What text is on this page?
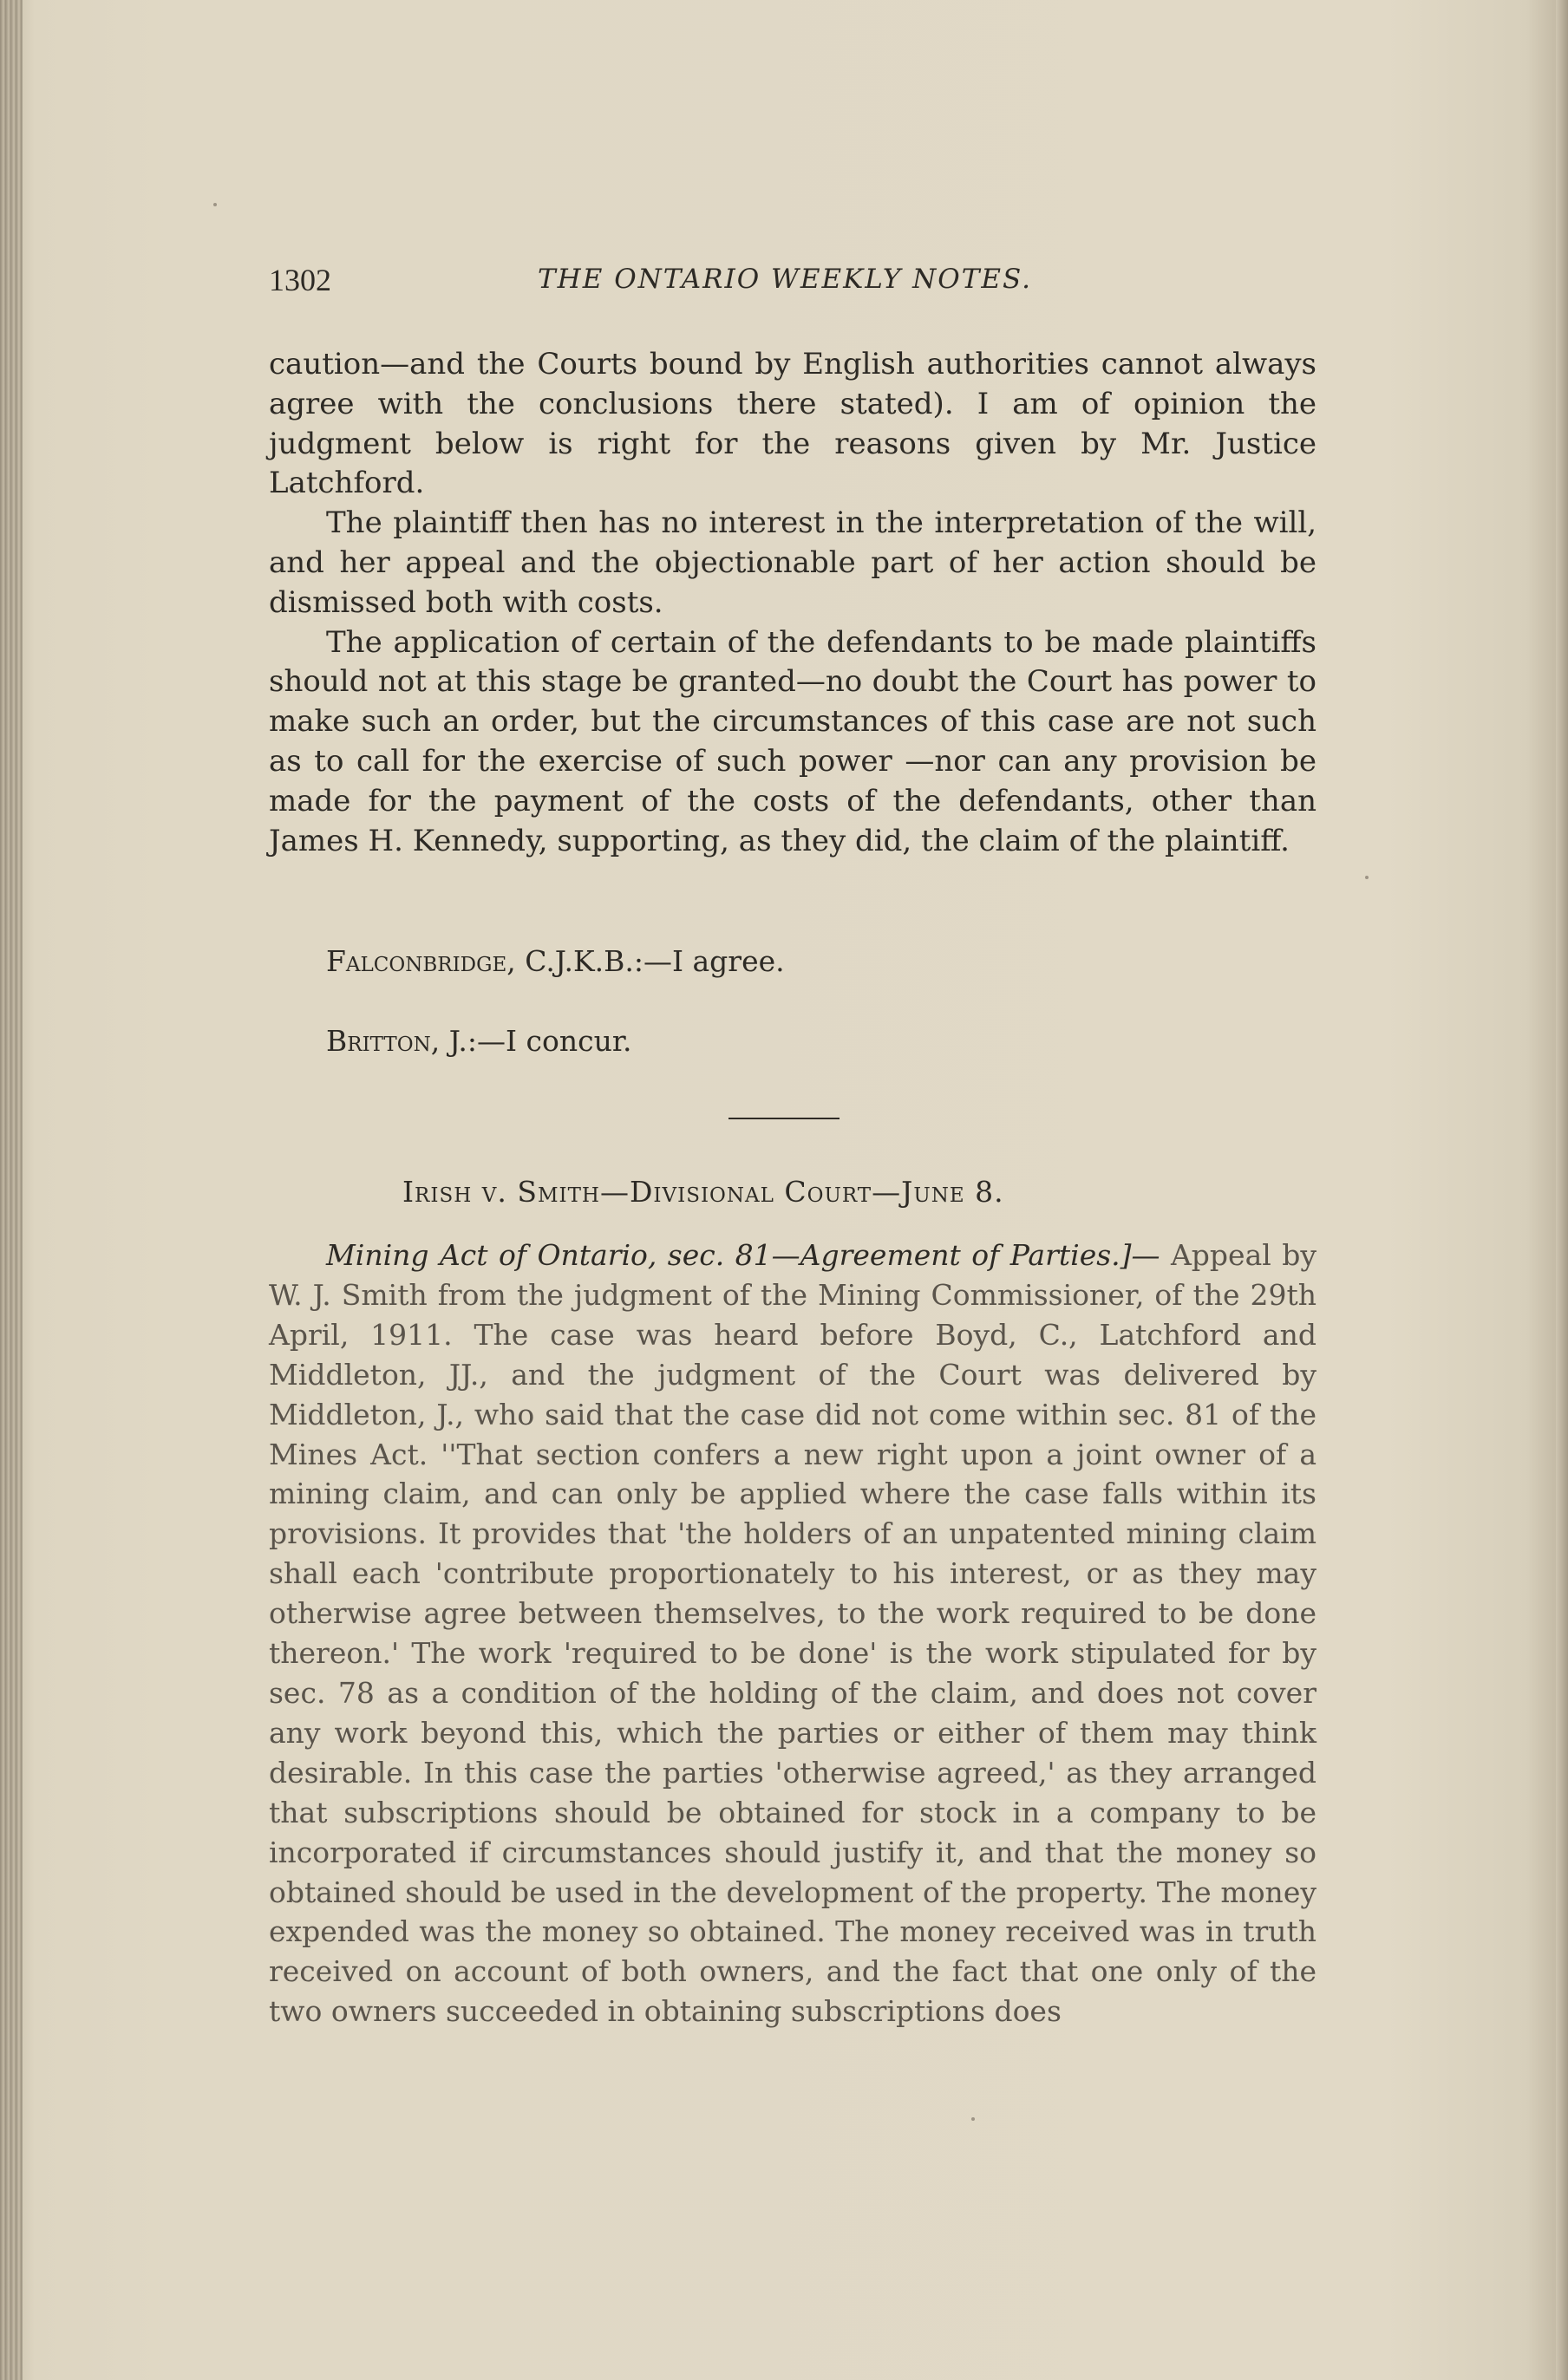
1302	THE ONTARIO WEEKLY NOTES.

caution—and the Courts bound by English authorities cannot always agree with the conclusions there stated). I am of opinion the judgment below is right for the reasons given by Mr. Justice Latchford.

The plaintiff then has no interest in the interpretation of the will, and her appeal and the objectionable part of her action should be dismissed both with costs.

The application of certain of the defendants to be made plaintiffs should not at this stage be granted—no doubt the Court has power to make such an order, but the circumstances of this case are not such as to call for the exercise of such power —nor can any provision be made for the payment of the costs of the defendants, other than James H. Kennedy, supporting, as they did, the claim of the plaintiff.

Falconbridge, C.J.K.B.:—I agree.
Britton, J.:—I concur.
Irish v. Smith—Divisional Court—June 8.

Mining Act of Ontario, sec. 81—Agreement of Parties.]— Appeal by W. J. Smith from the judgment of the Mining Commissioner, of the 29th April, 1911. The case was heard before Boyd, C., Latchford and Middleton, JJ., and the judgment of the Court was delivered by Middleton, J., who said that the case did not come within sec. 81 of the Mines Act. ''That section confers a new right upon a joint owner of a mining claim, and can only be applied where the case falls within its provisions. It provides that 'the holders of an unpatented mining claim shall each 'contribute proportionately to his interest, or as they may otherwise agree between themselves, to the work required to be done thereon.' The work 'required to be done' is the work stipulated for by sec. 78 as a condition of the holding of the claim, and does not cover any work beyond this, which the parties or either of them may think desirable. In this case the parties 'otherwise agreed,' as they arranged that subscriptions should be obtained for stock in a company to be incorporated if circumstances should justify it, and that the money so obtained should be used in the development of the property. The money expended was the money so obtained. The money received was in truth received on account of both owners, and the fact that one only of the two owners succeeded in obtaining subscriptions does
